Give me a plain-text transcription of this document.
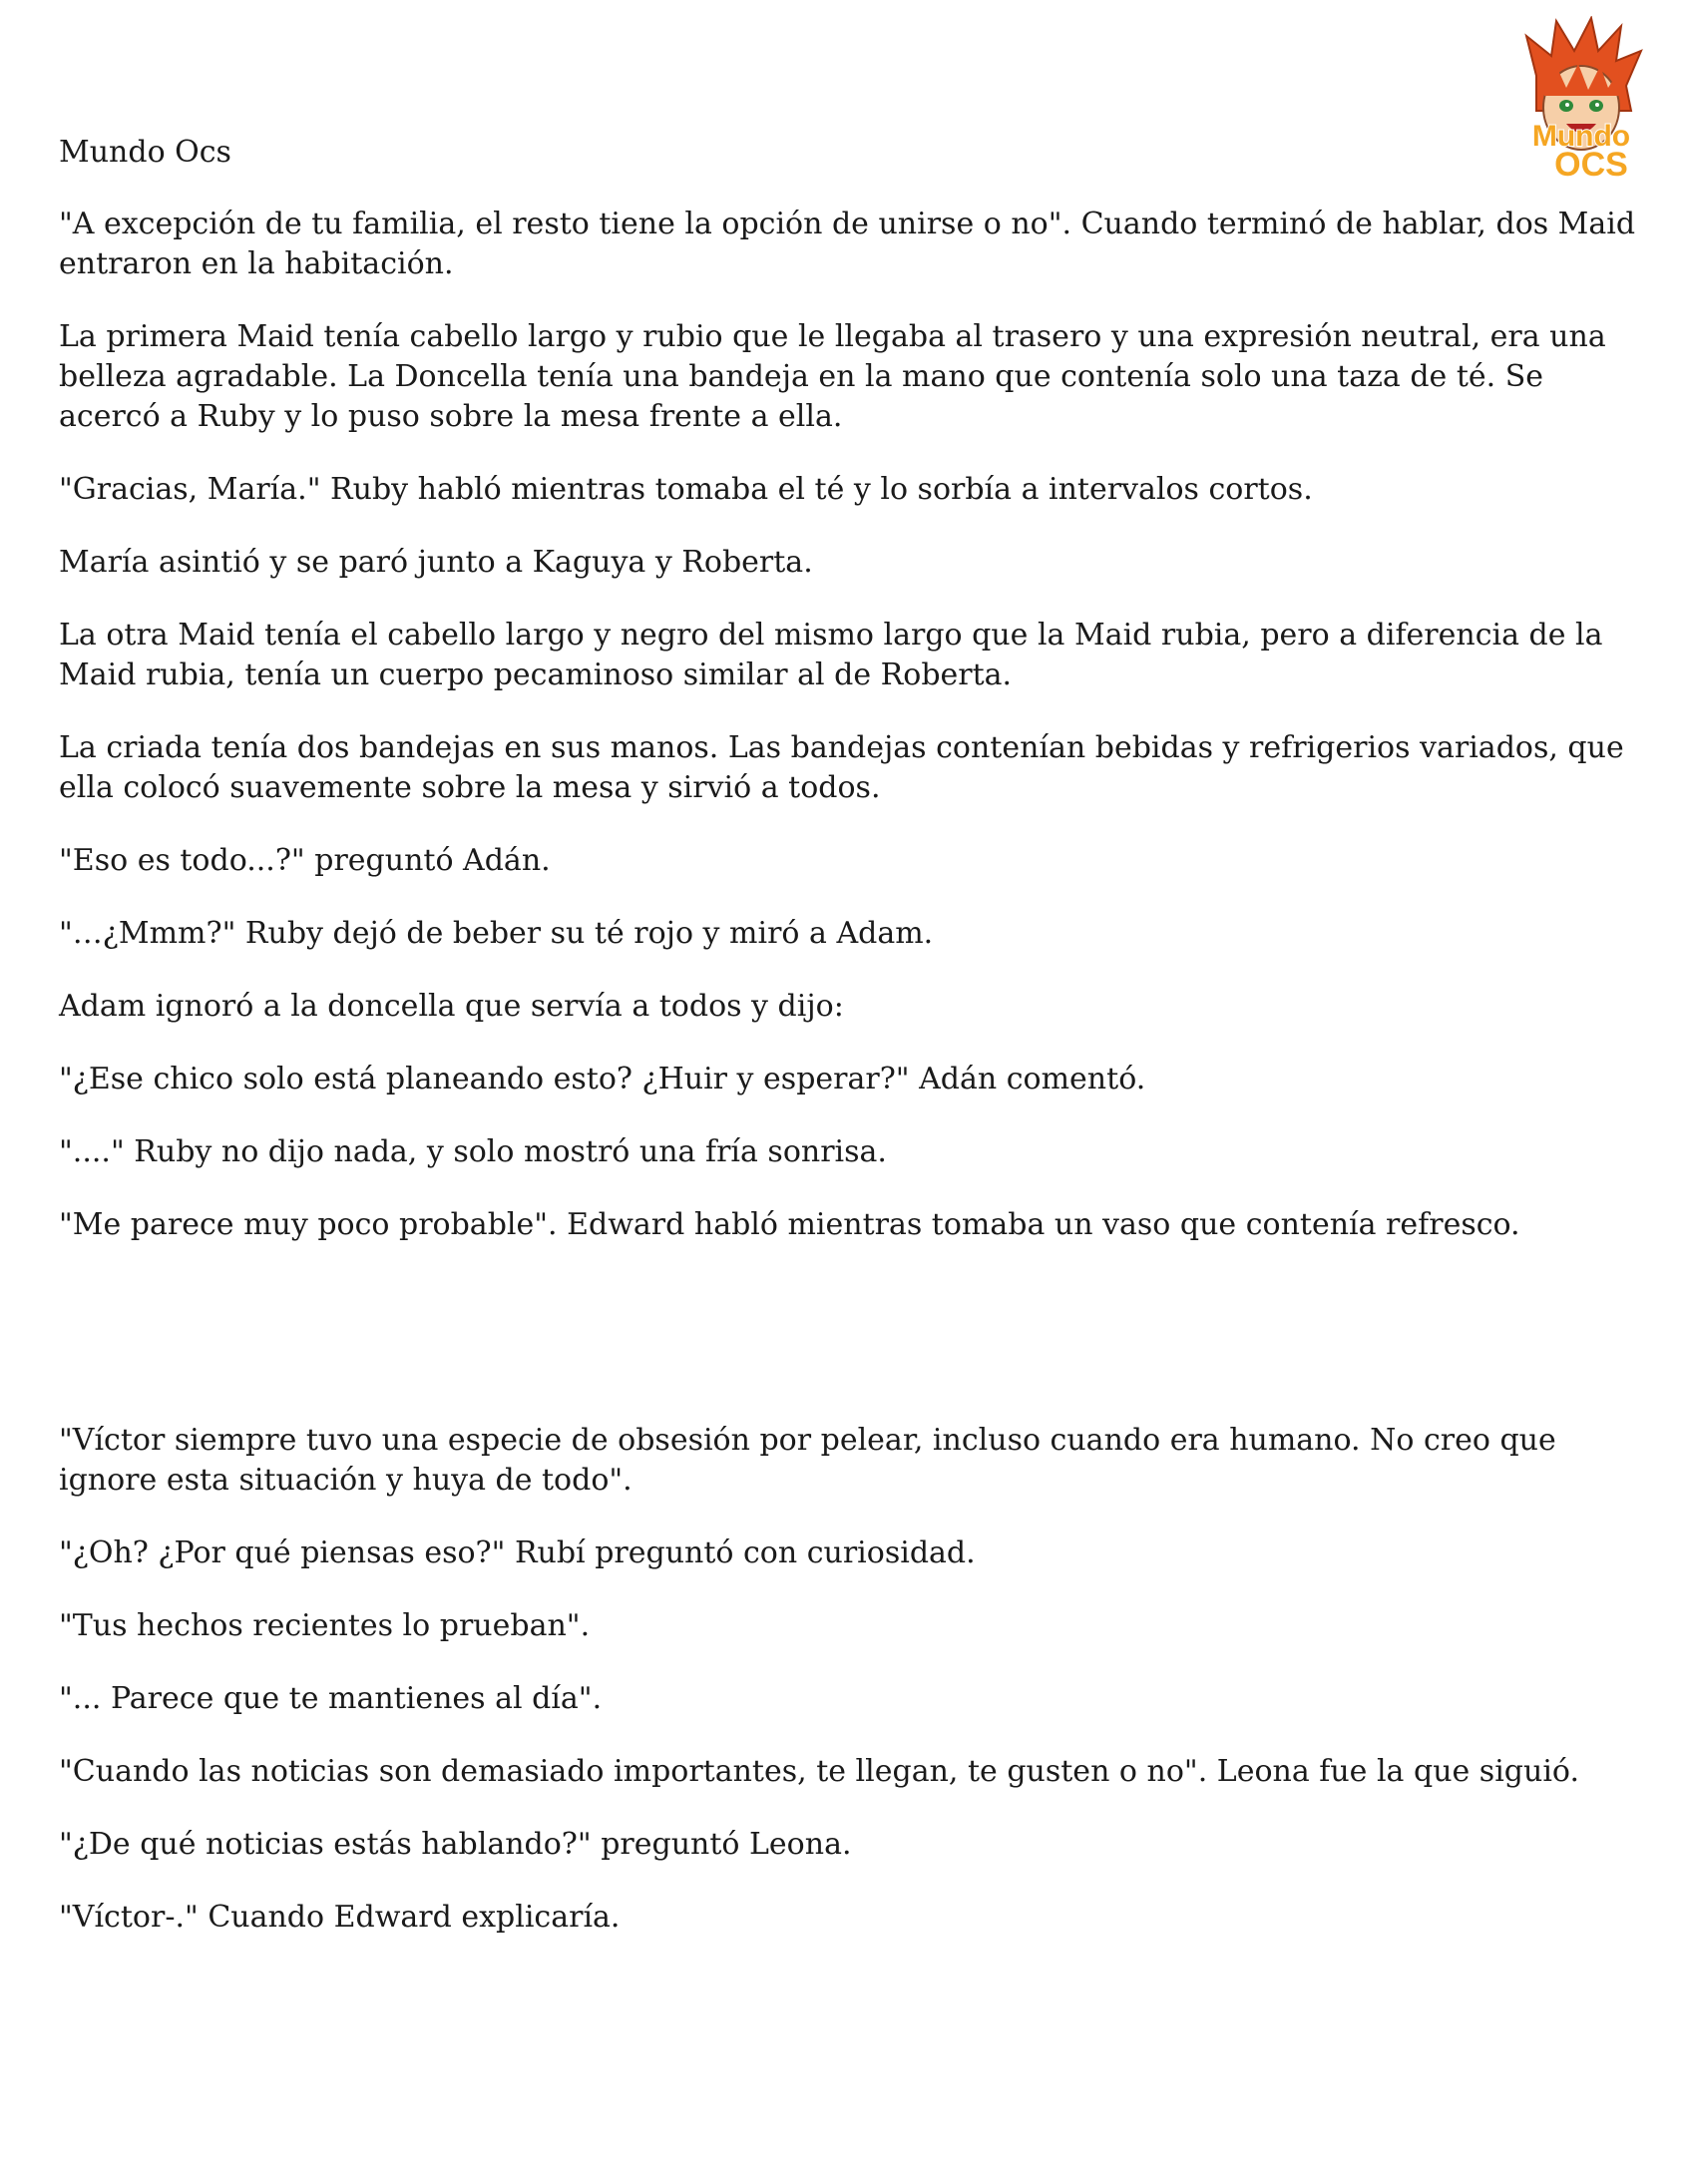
Mundo Ocs	Mundo
OCS

"A excepción de tu familia, el resto tiene la opción de unirse o no". Cuando terminó de hablar, dos Maid entraron en la habitación.

La primera Maid tenía cabello largo y rubio que le llegaba al trasero y una expresión neutral, era una belleza agradable. La Doncella tenía una bandeja en la mano que contenía solo una taza de té. Se acercó a Ruby y lo puso sobre la mesa frente a ella.

"Gracias, María." Ruby habló mientras tomaba el té y lo sorbía a intervalos cortos.

María asintió y se paró junto a Kaguya y Roberta.

La otra Maid tenía el cabello largo y negro del mismo largo que la Maid rubia, pero a diferencia de la Maid rubia, tenía un cuerpo pecaminoso similar al de Roberta.

La criada tenía dos bandejas en sus manos. Las bandejas contenían bebidas y refrigerios variados, que ella colocó suavemente sobre la mesa y sirvió a todos.

"Eso es todo...?" preguntó Adán.

"…¿Mmm?" Ruby dejó de beber su té rojo y miró a Adam.

Adam ignoró a la doncella que servía a todos y dijo:

"¿Ese chico solo está planeando esto? ¿Huir y esperar?" Adán comentó.

"...." Ruby no dijo nada, y solo mostró una fría sonrisa.

"Me parece muy poco probable". Edward habló mientras tomaba un vaso que contenía refresco.

"Víctor siempre tuvo una especie de obsesión por pelear, incluso cuando era humano. No creo que ignore esta situación y huya de todo".

"¿Oh? ¿Por qué piensas eso?" Rubí preguntó con curiosidad.

"Tus hechos recientes lo prueban".

"... Parece que te mantienes al día".

"Cuando las noticias son demasiado importantes, te llegan, te gusten o no". Leona fue la que siguió.

"¿De qué noticias estás hablando?" preguntó Leona.

"Víctor-." Cuando Edward explicaría.
